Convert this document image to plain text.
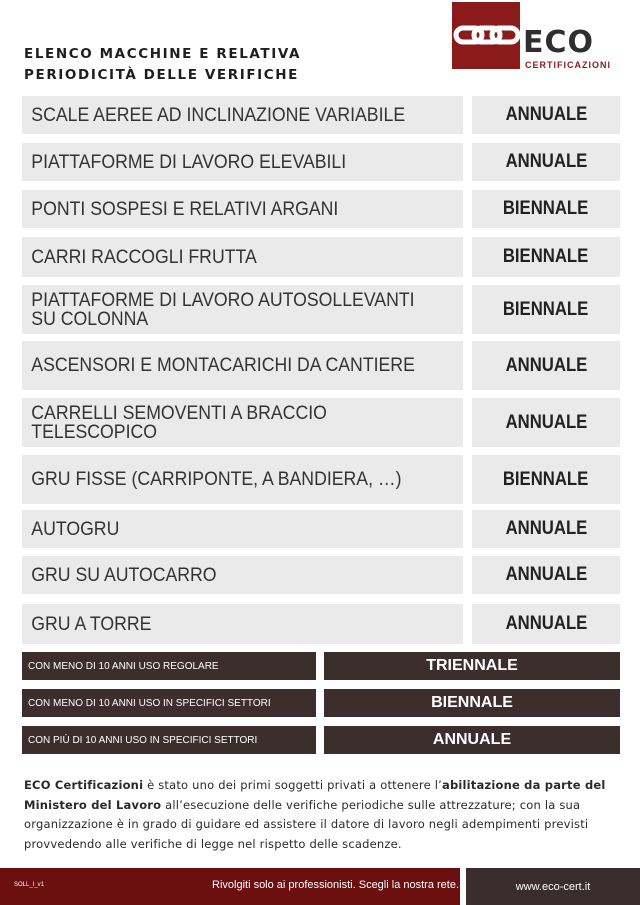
ELENCO MACCHINE E RELATIVA
PERIODICITÀ DELLE VERIFICHE
ECO
CERTIFICAZIONI
SCALE AEREE AD INCLINAZIONE VARIABILE	ANNUALE
PIATTAFORME DI LAVORO ELEVABILI	ANNUALE
PONTI SOSPESI E RELATIVI ARGANI	BIENNALE
CARRI RACCOGLI FRUTTA	BIENNALE
PIATTAFORME DI LAVORO AUTOSOLLEVANTI SU COLONNA	BIENNALE
ASCENSORI E MONTACARICHI DA CANTIERE	ANNUALE
CARRELLI SEMOVENTI A BRACCIO TELESCOPICO	ANNUALE
GRU FISSE (CARRIPONTE, A BANDIERA, …)	BIENNALE
AUTOGRU	ANNUALE
GRU SU AUTOCARRO	ANNUALE
GRU A TORRE	ANNUALE
CON MENO DI 10 ANNI USO REGOLARE	TRIENNALE
CON MENO DI 10 ANNI USO IN SPECIFICI SETTORI	BIENNALE
CON PIÙ DI 10 ANNI USO IN SPECIFICI SETTORI	ANNUALE
ECO Certificazioni è stato uno dei primi soggetti privati a ottenere l’abilitazione da parte del Ministero del Lavoro all’esecuzione delle verifiche periodiche sulle attrezzature; con la sua organizzazione è in grado di guidare ed assistere il datore di lavoro negli adempimenti previsti provvedendo alle verifiche di legge nel rispetto delle scadenze.
SOLL_I_v1	Rivolgiti solo ai professionisti. Scegli la nostra rete.	www.eco-cert.it
